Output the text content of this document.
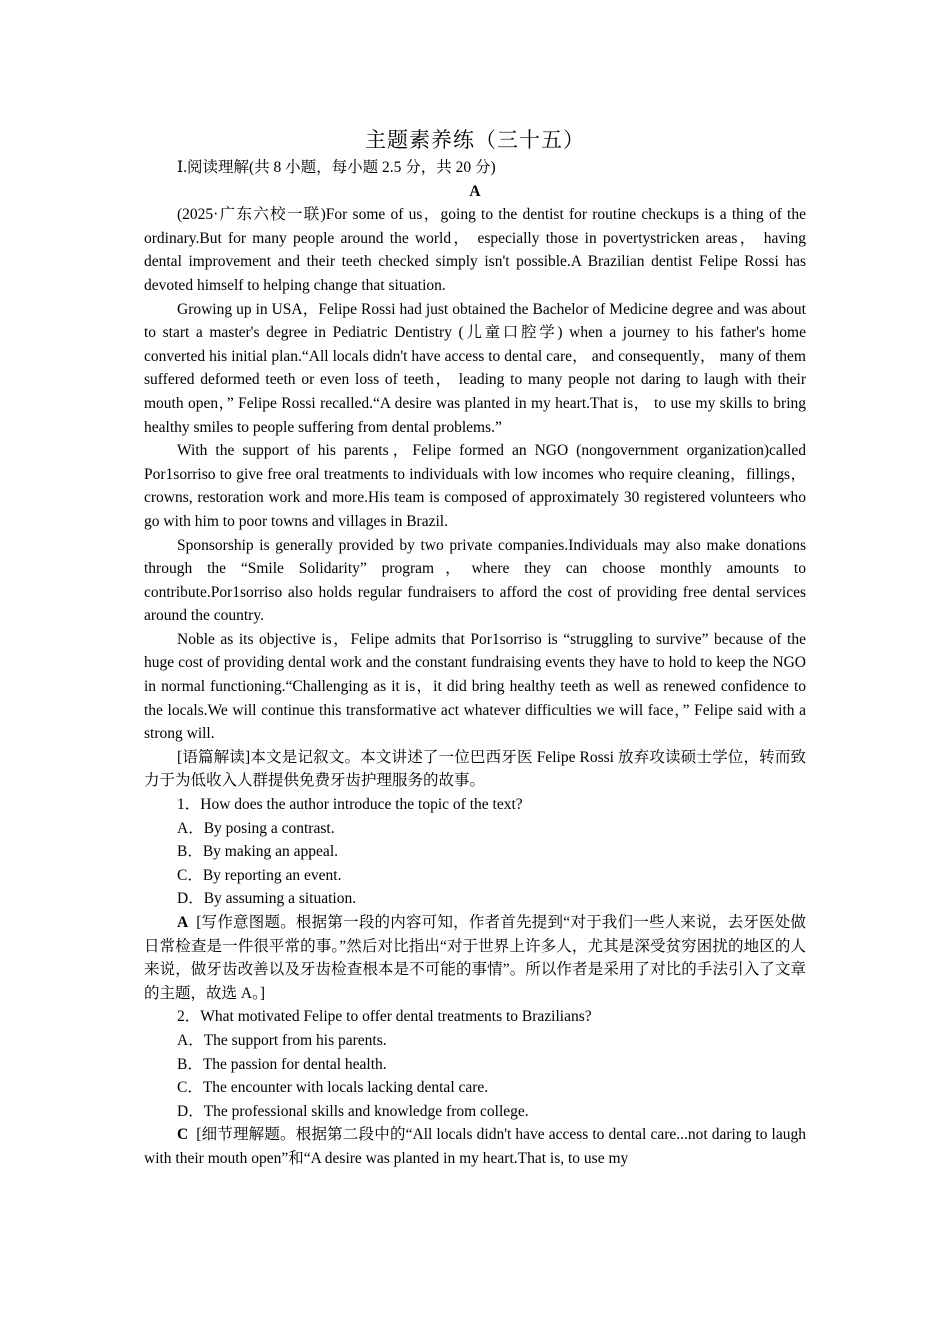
主题素养练（三十五）

Ⅰ.阅读理解(共 8 小题，每小题 2.5 分，共 20 分)

A

(2025·广东六校一联)For some of us，going to the dentist for routine checkups is a thing of the ordinary.But for many people around the world， especially those in povertystricken areas， having dental improvement and their teeth checked simply isn't possible.A Brazilian dentist Felipe Rossi has devoted himself to helping change that situation.

Growing up in USA，Felipe Rossi had just obtained the Bachelor of Medicine degree and was about to start a master's degree in Pediatric Dentistry (儿童口腔学) when a journey to his father's home converted his initial plan.“All locals didn't have access to dental care， and consequently， many of them suffered deformed teeth or even loss of teeth， leading to many people not daring to laugh with their mouth open，” Felipe Rossi recalled.“A desire was planted in my heart.That is， to use my skills to bring healthy smiles to people suffering from dental problems.”

With the support of his parents，Felipe formed an NGO (nongovernment organization)called Por1sorriso to give free oral treatments to individuals with low incomes who require cleaning，fillings，crowns, restoration work and more.His team is composed of approximately 30 registered volunteers who go with him to poor towns and villages in Brazil.

Sponsorship is generally provided by two private companies.Individuals may also make donations through the “Smile Solidarity” program，where they can choose monthly amounts to contribute.Por1sorriso also holds regular fundraisers to afford the cost of providing free dental services around the country.

Noble as its objective is，Felipe admits that Por1sorriso is “struggling to survive” because of the huge cost of providing dental work and the constant fundraising events they have to hold to keep the NGO in normal functioning.“Challenging as it is，it did bring healthy teeth as well as renewed confidence to the locals.We will continue this transformative act whatever difficulties we will face，” Felipe said with a strong will.

[语篇解读]本文是记叙文。本文讲述了一位巴西牙医 Felipe Rossi 放弃攻读硕士学位，转而致力于为低收入人群提供免费牙齿护理服务的故事。

1．How does the author introduce the topic of the text?

A．By posing a contrast.

B．By making an appeal.

C．By reporting an event.

D．By assuming a situation.

A [写作意图题。根据第一段的内容可知，作者首先提到“对于我们一些人来说，去牙医处做日常检查是一件很平常的事。”然后对比指出“对于世界上许多人，尤其是深受贫穷困扰的地区的人来说，做牙齿改善以及牙齿检查根本是不可能的事情”。所以作者是采用了对比的手法引入了文章的主题，故选 A。]

2．What motivated Felipe to offer dental treatments to Brazilians?

A．The support from his parents.

B．The passion for dental health.

C．The encounter with locals lacking dental care.

D．The professional skills and knowledge from college.

C [细节理解题。根据第二段中的“All locals didn't have access to dental care...not daring to laugh with their mouth open”和“A desire was planted in my heart.That is, to use my
